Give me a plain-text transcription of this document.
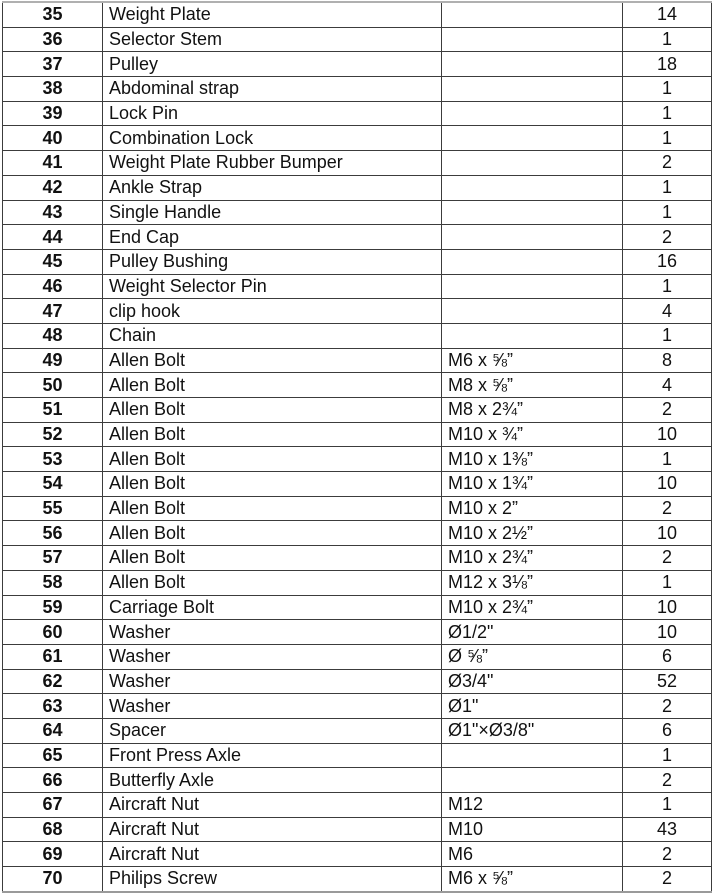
35	Weight Plate		14
36	Selector Stem		1
37	Pulley		18
38	Abdominal strap		1
39	Lock Pin		1
40	Combination Lock		1
41	Weight Plate Rubber Bumper		2
42	Ankle Strap		1
43	Single Handle		1
44	End Cap		2
45	Pulley Bushing		16
46	Weight Selector Pin		1
47	clip hook		4
48	Chain		1
49	Allen Bolt	M6 x ⅝”	8
50	Allen Bolt	M8 x ⅝”	4
51	Allen Bolt	M8 x 2¾”	2
52	Allen Bolt	M10 x ¾”	10
53	Allen Bolt	M10 x 1⅜”	1
54	Allen Bolt	M10 x 1¾”	10
55	Allen Bolt	M10 x 2”	2
56	Allen Bolt	M10 x 2½”	10
57	Allen Bolt	M10 x 2¾”	2
58	Allen Bolt	M12 x 3⅛”	1
59	Carriage Bolt	M10 x 2¾”	10
60	Washer	Ø1/2"	10
61	Washer	Ø ⅝”	6
62	Washer	Ø3/4"	52
63	Washer	Ø1"	2
64	Spacer	Ø1"×Ø3/8"	6
65	Front Press Axle		1
66	Butterfly Axle		2
67	Aircraft Nut	M12	1
68	Aircraft Nut	M10	43
69	Aircraft Nut	M6	2
70	Philips Screw	M6 x ⅝”	2
